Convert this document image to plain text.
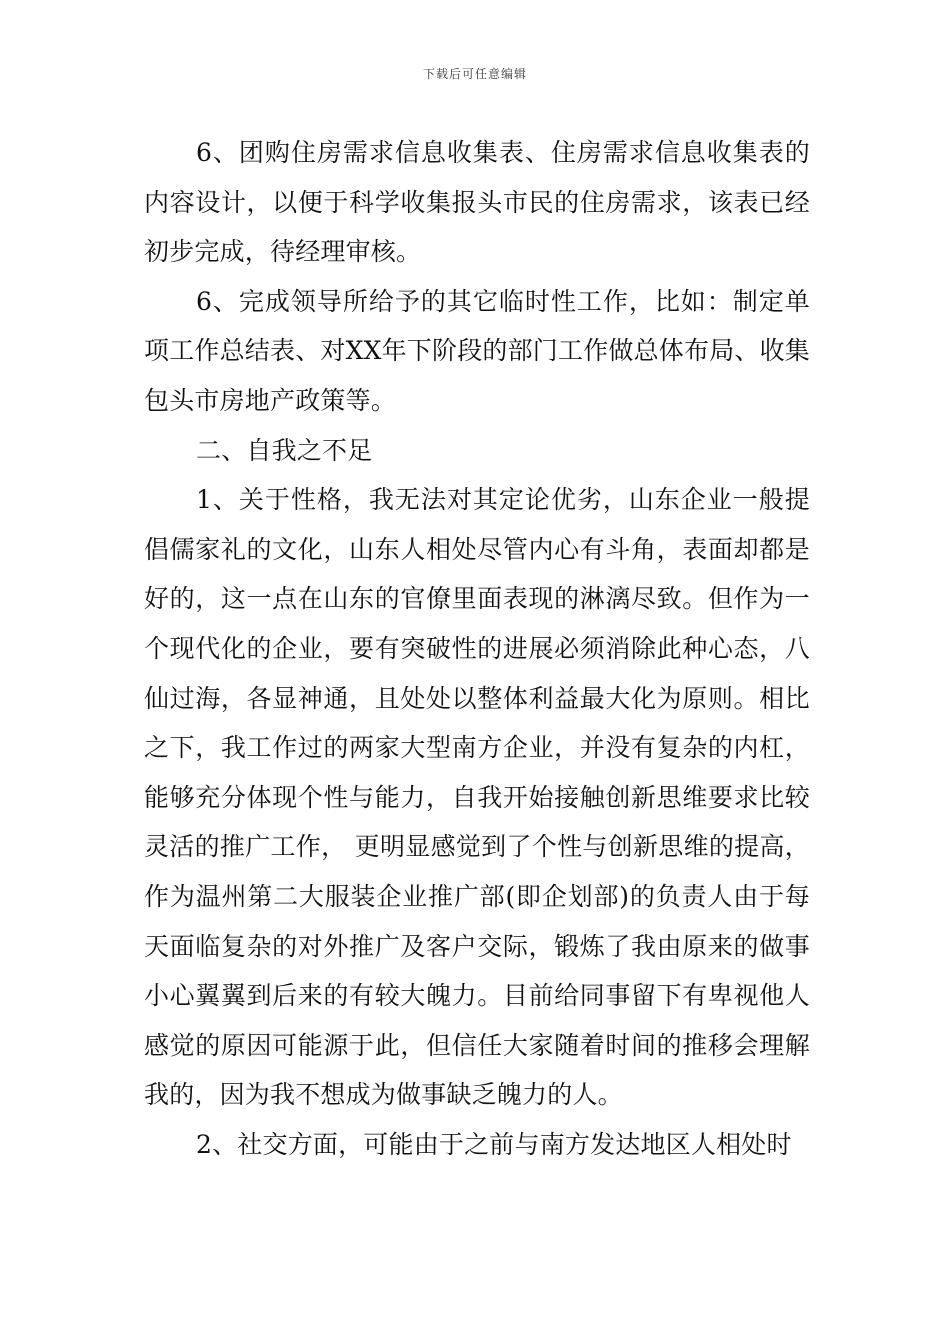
下载后可任意编辑

6、团购住房需求信息收集表、住房需求信息收集表的内容设计，以便于科学收集报头市民的住房需求，该表已经初步完成，待经理审核。

6、完成领导所给予的其它临时性工作，比如：制定单项工作总结表、对XX年下阶段的部门工作做总体布局、收集包头市房地产政策等。

二、自我之不足

1、关于性格，我无法对其定论优劣，山东企业一般提倡儒家礼的文化，山东人相处尽管内心有斗角，表面却都是好的，这一点在山东的官僚里面表现的淋漓尽致。但作为一个现代化的企业，要有突破性的进展必须消除此种心态，八仙过海，各显神通，且处处以整体利益最大化为原则。相比之下，我工作过的两家大型南方企业，并没有复杂的内杠，能够充分体现个性与能力，自我开始接触创新思维要求比较灵活的推广工作， 更明显感觉到了个性与创新思维的提高，作为温州第二大服装企业推广部(即企划部)的负责人由于每天面临复杂的对外推广及客户交际，锻炼了我由原来的做事小心翼翼到后来的有较大魄力。目前给同事留下有卑视他人感觉的原因可能源于此，但信任大家随着时间的推移会理解我的，因为我不想成为做事缺乏魄力的人。

2、社交方面，可能由于之前与南方发达地区人相处时
